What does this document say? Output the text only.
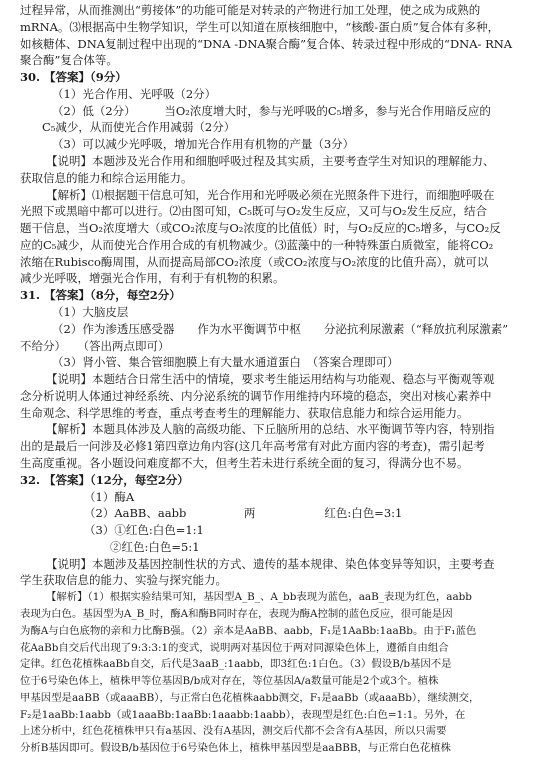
过程异常，从而推测出“剪接体”的功能可能是对转录的产物进行加工处理，使之成为成熟的
mRNA。⑶根据高中生物学知识，学生可以知道在原核细胞中，“核酸-蛋白质”复合体有多种，
如核糖体、DNA复制过程中出现的“DNA -DNA聚合酶”复合体、转录过程中形成的“DNA- RNA
聚合酶”复合体等。
30. 【答案】（9分）
（1）光合作用、光呼吸（2分）
（2）低（2分）　　　当O₂浓度增大时，参与光呼吸的C₅增多，参与光合作用暗反应的
C₅减少，从而使光合作用减弱（2分）
（3）可以减少光呼吸，增加光合作用有机物的产量（3分）
【说明】本题涉及光合作用和细胞呼吸过程及其实质，主要考查学生对知识的理解能力、
获取信息的能力和综合运用能力。
【解析】⑴根据题干信息可知，光合作用和光呼吸必须在光照条件下进行，而细胞呼吸在
光照下或黑暗中都可以进行。⑵由图可知，C₅既可与O₂发生反应，又可与O₂发生反应，结合
题干信息，当O₂浓度增大（或CO₂浓度与O₂浓度的比值低）时，与O₂反应的C₅增多，与CO₂反
应的C₅减少，从而使光合作用合成的有机物减少。⑶蓝藻中的一种特殊蛋白质微室，能将CO₂
浓缩在Rubisco酶周围，从而提高局部CO₂浓度（或CO₂浓度与O₂浓度的比值升高），就可以
减少光呼吸，增强光合作用，有利于有机物的积累。
31. 【答案】（8分，每空2分）
（1）大脑皮层
（2）作为渗透压感受器　　作为水平衡调节中枢　　分泌抗利尿激素（“释放抗利尿激素”
不给分）　　（答出两点即可）
（3）肾小管、集合管细胞膜上有大量水通道蛋白　（答案合理即可）
【说明】本题结合日常生活中的情境，要求考生能运用结构与功能观、稳态与平衡观等观
念分析说明人体通过神经系统、内分泌系统的调节作用维持内环境的稳态，突出对核心素养中
生命观念、科学思维的考查，重点考查考生的理解能力、获取信息能力和综合运用能力。
【解析】本题具体涉及人脑的高级功能、下丘脑所用的总结、水平衡调节等内容，特别指
出的是最后一问涉及必修1第四章边角内容(这几年高考常有对此方面内容的考查)，需引起考
生高度重视。各小题设问难度都不大，但考生若未进行系统全面的复习，得满分也不易。
32. 【答案】（12分，每空2分）
（1）酶A
（2）AaBB、aabb　　　　　两　　　　　　红色:白色=3:1
（3）①红色:白色=1:1
②红色:白色=5:1
【说明】本题涉及基因控制性状的方式、遗传的基本规律、染色体变异等知识，主要考查
学生获取信息的能力、实验与探究能力。
【解析】（1）根据实验结果可知，基因型A_B_、A_bb表现为蓝色，aaB_表现为红色，aabb
表现为白色。基因型为A_B_时，酶A和酶B同时存在，表现为酶A控制的蓝色反应，很可能是因
为酶A与白色底物的亲和力比酶B强。（2）亲本是AaBB、aabb，F₁是1AaBb:1aaBb。由于F₁蓝色
花AaBb自交后代出现了9:3:3:1的变式，说明两对基因位于两对同源染色体上，遵循自由组合
定律。红色花植株aaBb自交，后代是3aaB_:1aabb，即3红色:1白色。（3）假设B/b基因不是
位于6号染色体上，植株甲等位基因B/b成对存在，等位基因A/a数量可能是2个或3个。植株
甲基因型是aaBB（或aaaBB），与正常白色花植株aabb测交，F₁是aaBb（或aaaBb），继续测交，
F₂是1aaBb:1aabb（或1aaaBb:1aaBb:1aaabb:1aabb），表现型是红色:白色=1:1。另外，在
上述分析中，红色花植株甲只有a基因、没有A基因，测交后代都不会含有A基因，所以只需要
分析B基因即可。假设B/b基因位于6号染色体上，植株甲基因型是aaBBB，与正常白色花植株
